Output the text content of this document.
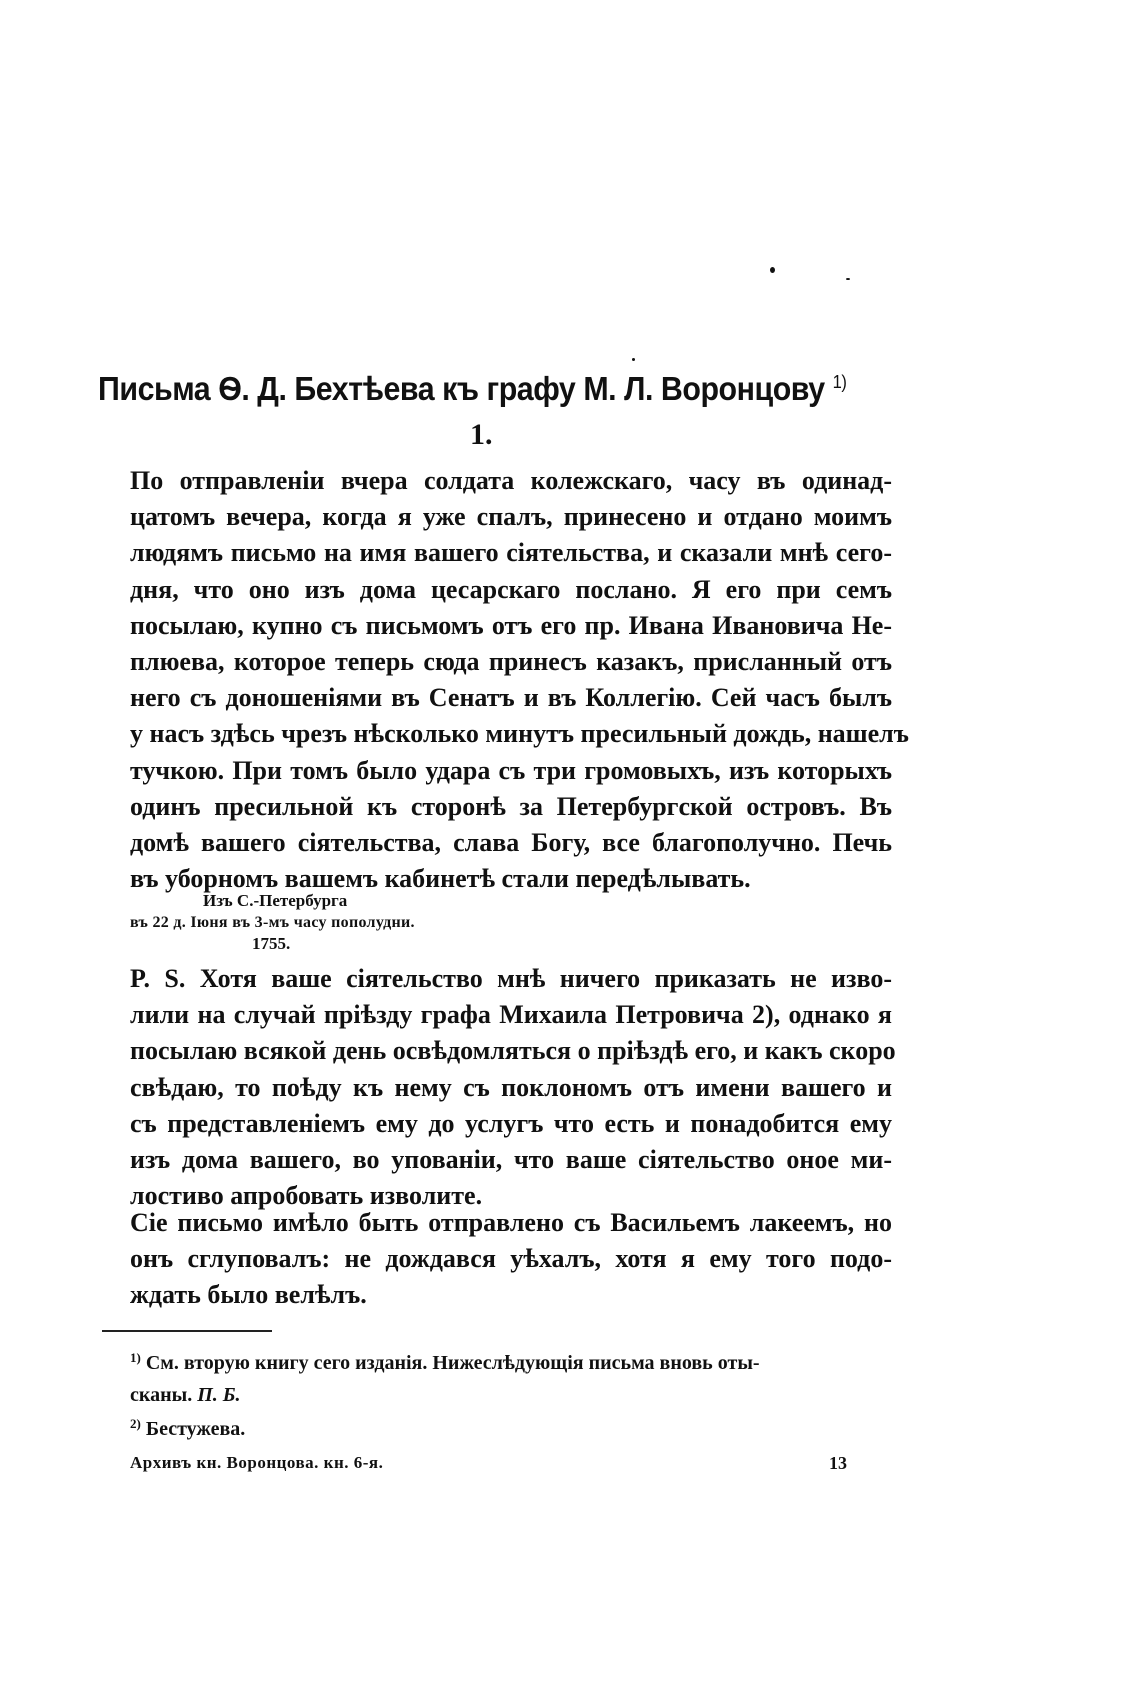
Письма Ѳ. Д. Бехтѣева къ графу М. Л. Воронцову $^{1)}$
1.
По отправленіи вчера солдата колежскаго, часу въ одинад-
цатомъ вечера, когда я уже спалъ, принесено и отдано моимъ
людямъ письмо на имя вашего сіятельства, и сказали мнѣ сего-
дня, что оно изъ дома цесарскаго послано. Я его при семъ
посылаю, купно съ письмомъ отъ его пр. Ивана Ивановича Не-
плюева, которое теперь сюда принесъ казакъ, присланный отъ
него съ доношеніями въ Сенатъ и въ Коллегію. Сей часъ былъ
у насъ здѣсь чрезъ нѣсколько минутъ пресильный дождь, нашелъ
тучкою. При томъ было удара съ три громовыхъ, изъ которыхъ
одинъ пресильной къ сторонѣ за Петербургской островъ. Въ
домѣ вашего сіятельства, слава Богу, все благополучно. Печь
въ уборномъ вашемъ кабинетѣ стали передѣлывать.
Изъ С.-Петербурга
въ 22 д. Іюня въ 3-мъ часу пополудни.
1755.
P. S. Хотя ваше сіятельство мнѣ ничего приказать не изво-
лили на случай пріѣзду графа Михаила Петровича 2), однако я
посылаю всякой день освѣдомляться о пріѣздѣ его, и какъ скоро
свѣдаю, то поѣду къ нему съ поклономъ отъ имени вашего и
съ представленіемъ ему до услугъ что есть и понадобится ему
изъ дома вашего, во упованіи, что ваше сіятельство оное ми-
лостиво апробовать изволите.
Сіе письмо имѣло быть отправлено съ Васильемъ лакеемъ, но
онъ сглуповалъ: не дождався уѣхалъ, хотя я ему того подо-
ждать было велѣлъ.
$^{1)}$ См. вторую книгу сего изданія. Нижеслѣдующія письма вновь оты-
сканы. П. Б.
$^{2)}$ Бестужева.
Архивъ кн. Воронцова. кн. 6-я.	13
